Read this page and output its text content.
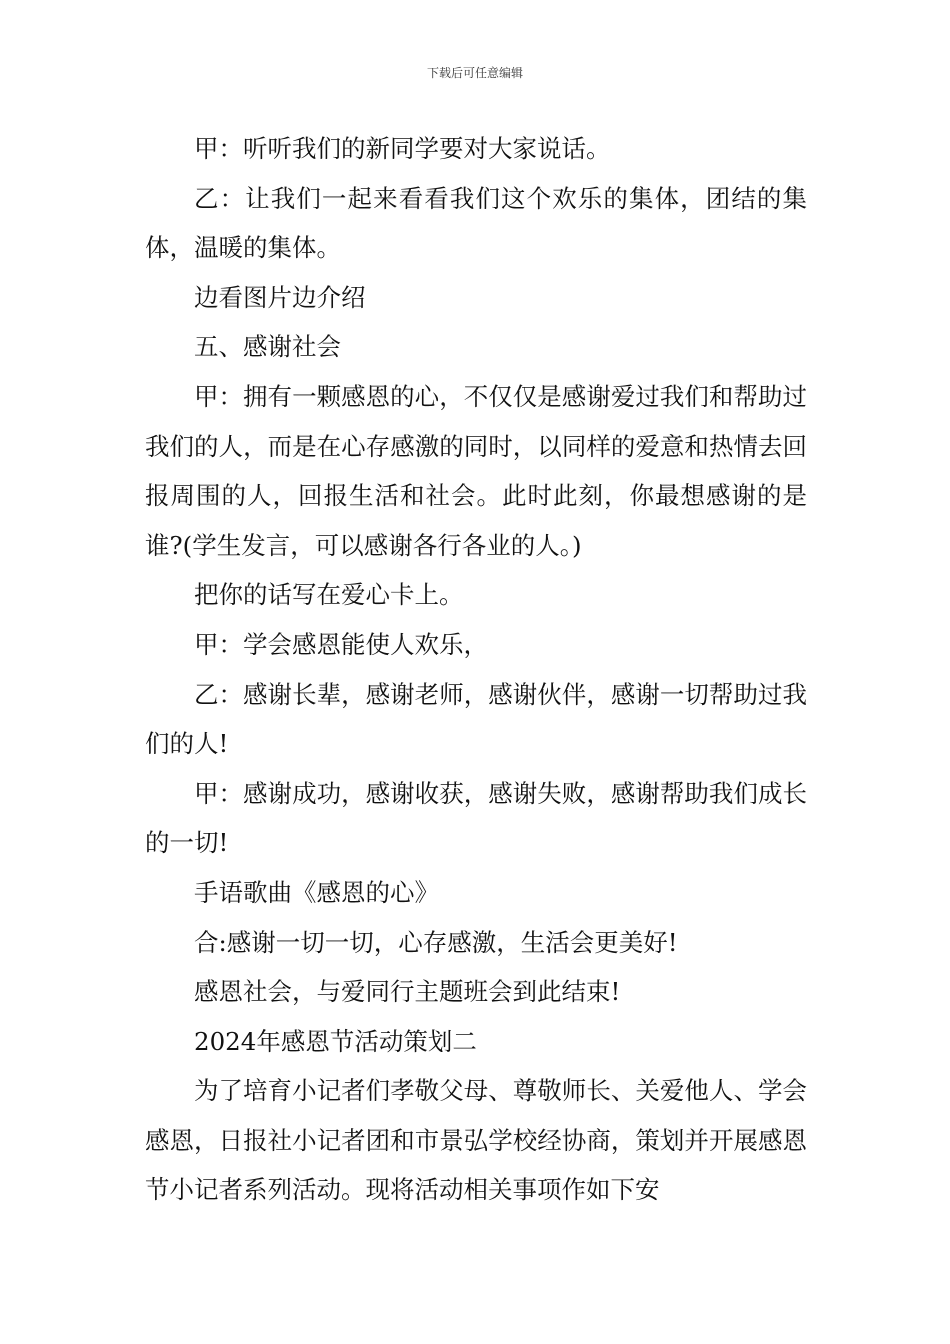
下载后可任意编辑

甲：听听我们的新同学要对大家说话。

乙：让我们一起来看看我们这个欢乐的集体，团结的集体，温暖的集体。

边看图片边介绍

五、感谢社会

甲：拥有一颗感恩的心，不仅仅是感谢爱过我们和帮助过我们的人，而是在心存感激的同时，以同样的爱意和热情去回报周围的人，回报生活和社会。此时此刻，你最想感谢的是谁?(学生发言，可以感谢各行各业的人。)

把你的话写在爱心卡上。

甲：学会感恩能使人欢乐，

乙：感谢长辈，感谢老师，感谢伙伴，感谢一切帮助过我们的人!

甲：感谢成功，感谢收获，感谢失败，感谢帮助我们成长的一切!

手语歌曲《感恩的心》

合:感谢一切一切，心存感激，生活会更美好!

感恩社会，与爱同行主题班会到此结束!

2024年感恩节活动策划二

为了培育小记者们孝敬父母、尊敬师长、关爱他人、学会感恩，日报社小记者团和市景弘学校经协商，策划并开展感恩节小记者系列活动。现将活动相关事项作如下安
